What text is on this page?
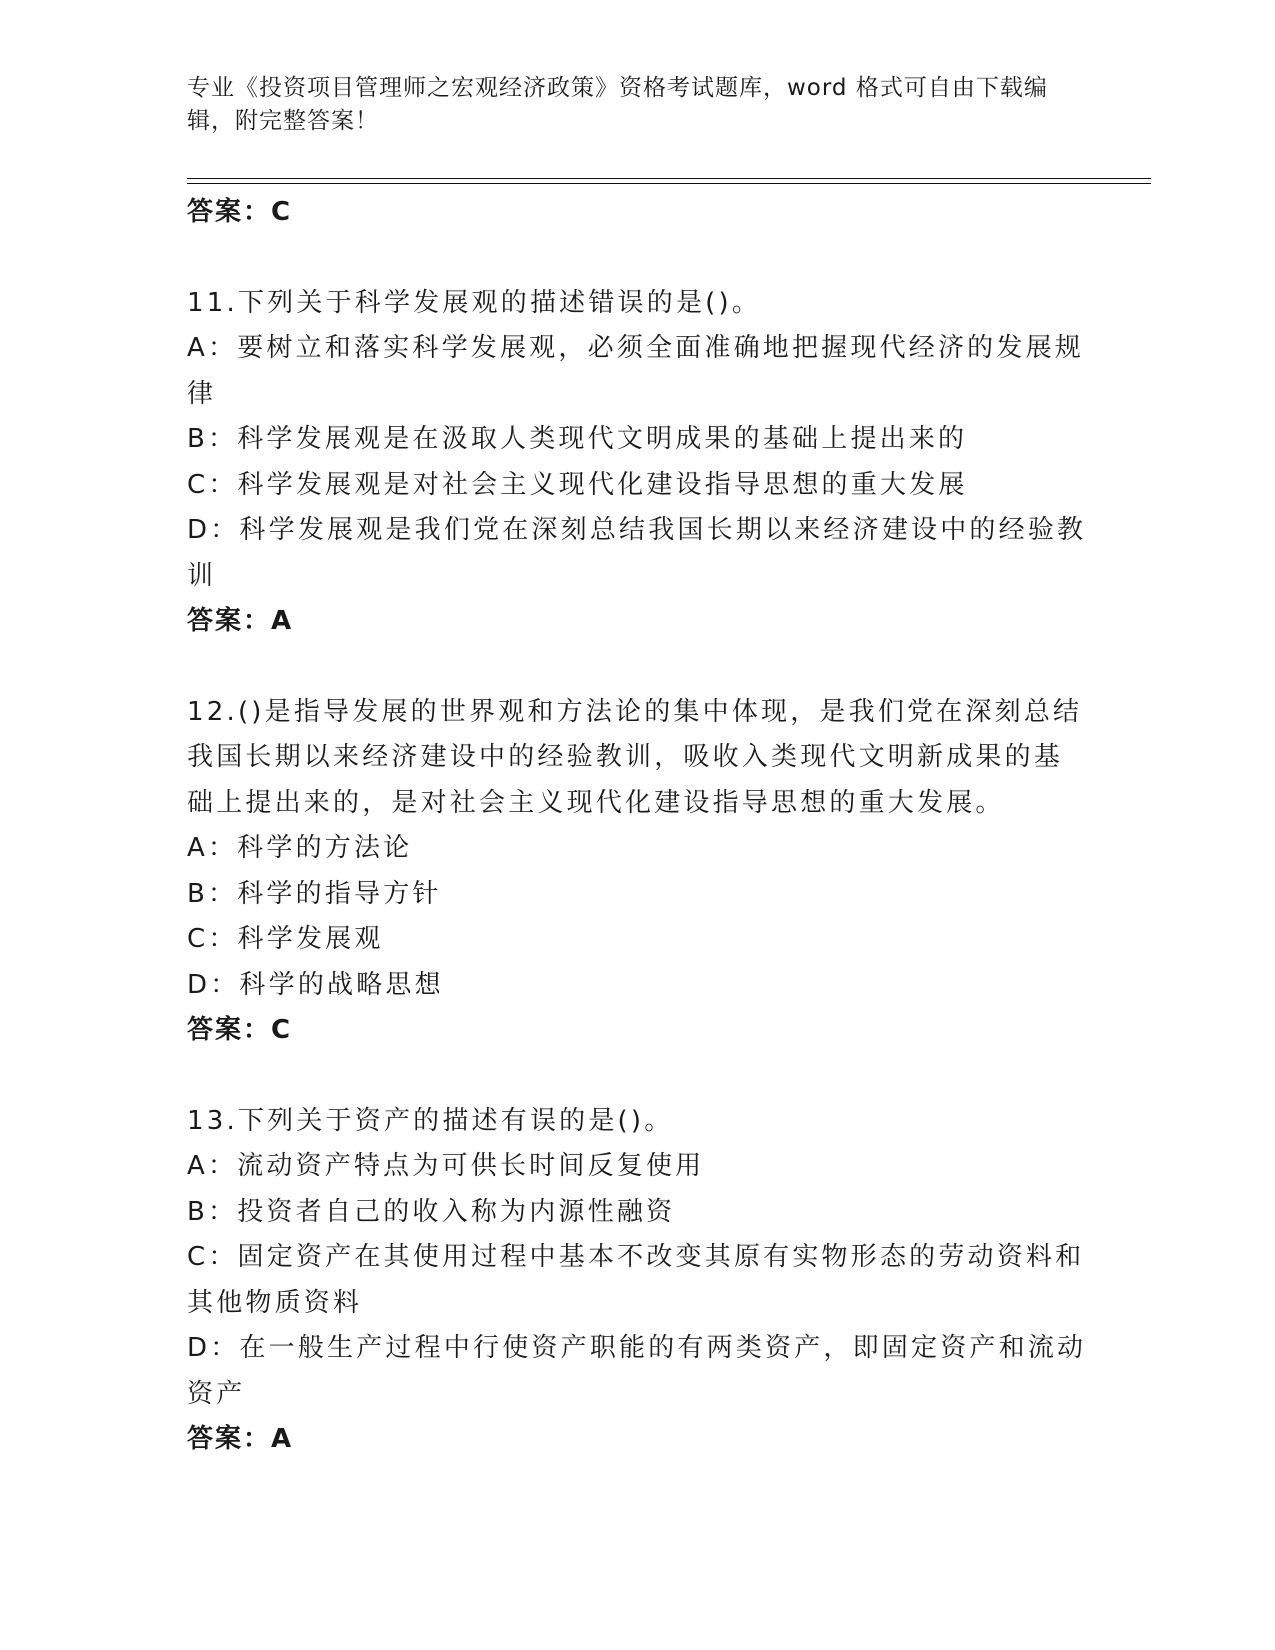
专业《投资项目管理师之宏观经济政策》资格考试题库，word 格式可自由下载编
辑，附完整答案！

答案：C

11.下列关于科学发展观的描述错误的是()。

A：要树立和落实科学发展观，必须全面准确地把握现代经济的发展规

律

B：科学发展观是在汲取人类现代文明成果的基础上提出来的

C：科学发展观是对社会主义现代化建设指导思想的重大发展

D：科学发展观是我们党在深刻总结我国长期以来经济建设中的经验教

训

答案：A

12.()是指导发展的世界观和方法论的集中体现，是我们党在深刻总结

我国长期以来经济建设中的经验教训，吸收入类现代文明新成果的基

础上提出来的，是对社会主义现代化建设指导思想的重大发展。

A：科学的方法论

B：科学的指导方针

C：科学发展观

D：科学的战略思想

答案：C

13.下列关于资产的描述有误的是()。

A：流动资产特点为可供长时间反复使用

B：投资者自己的收入称为内源性融资

C：固定资产在其使用过程中基本不改变其原有实物形态的劳动资料和

其他物质资料

D：在一般生产过程中行使资产职能的有两类资产，即固定资产和流动

资产

答案：A
